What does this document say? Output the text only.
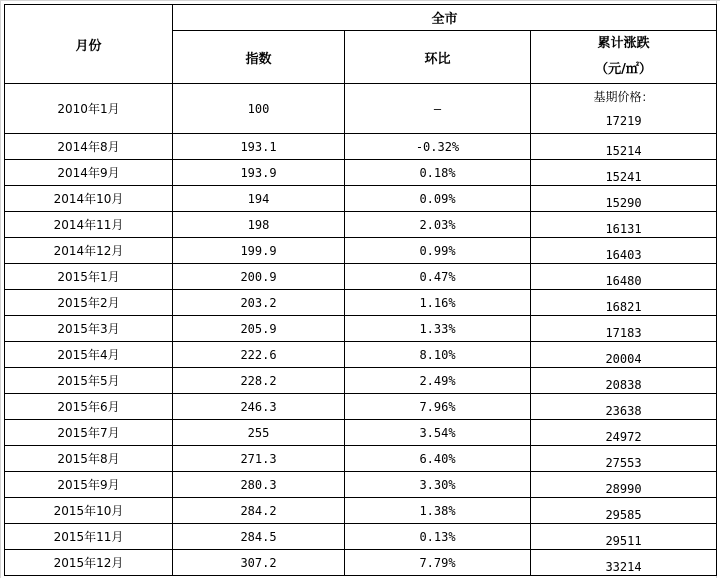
月份	全市		
	指数	环比	累计涨跌
（元/㎡）

2010年1月	100	—	基期价格：
17219

2014年8月	193.1	-0.32%	15214
2014年9月	193.9	0.18%	15241
2014年10月	194	0.09%	15290
2014年11月	198	2.03%	16131
2014年12月	199.9	0.99%	16403
2015年1月	200.9	0.47%	16480
2015年2月	203.2	1.16%	16821
2015年3月	205.9	1.33%	17183
2015年4月	222.6	8.10%	20004
2015年5月	228.2	2.49%	20838
2015年6月	246.3	7.96%	23638
2015年7月	255	3.54%	24972
2015年8月	271.3	6.40%	27553
2015年9月	280.3	3.30%	28990
2015年10月	284.2	1.38%	29585
2015年11月	284.5	0.13%	29511
2015年12月	307.2	7.79%	33214
